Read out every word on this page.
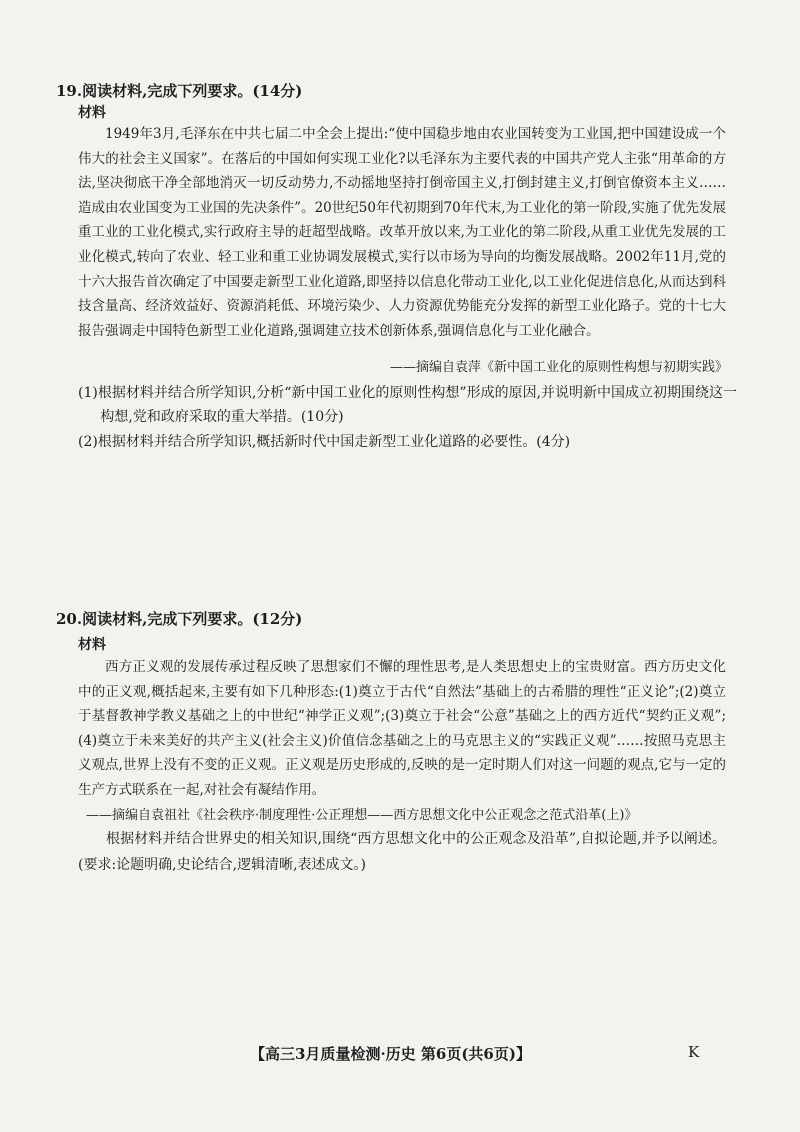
19.阅读材料,完成下列要求。(14分)
材料

1949年3月,毛泽东在中共七届二中全会上提出:“使中国稳步地由农业国转变为工业国,把中国建设成一个伟大的社会主义国家”。在落后的中国如何实现工业化?以毛泽东为主要代表的中国共产党人主张“用革命的方法,坚决彻底干净全部地消灭一切反动势力,不动摇地坚持打倒帝国主义,打倒封建主义,打倒官僚资本主义……造成由农业国变为工业国的先决条件”。20世纪50年代初期到70年代末,为工业化的第一阶段,实施了优先发展重工业的工业化模式,实行政府主导的赶超型战略。改革开放以来,为工业化的第二阶段,从重工业优先发展的工业化模式,转向了农业、轻工业和重工业协调发展模式,实行以市场为导向的均衡发展战略。2002年11月,党的十六大报告首次确定了中国要走新型工业化道路,即坚持以信息化带动工业化,以工业化促进信息化,从而达到科技含量高、经济效益好、资源消耗低、环境污染少、人力资源优势能充分发挥的新型工业化路子。党的十七大报告强调走中国特色新型工业化道路,强调建立技术创新体系,强调信息化与工业化融合。

——摘编自袁萍《新中国工业化的原则性构想与初期实践》

(1)根据材料并结合所学知识,分析“新中国工业化的原则性构想”形成的原因,并说明新中国成立初期围绕这一构想,党和政府采取的重大举措。(10分)

(2)根据材料并结合所学知识,概括新时代中国走新型工业化道路的必要性。(4分)

20.阅读材料,完成下列要求。(12分)
材料

西方正义观的发展传承过程反映了思想家们不懈的理性思考,是人类思想史上的宝贵财富。西方历史文化中的正义观,概括起来,主要有如下几种形态:(1)奠立于古代“自然法”基础上的古希腊的理性“正义论”;(2)奠立于基督教神学教义基础之上的中世纪“神学正义观”;(3)奠立于社会“公意”基础之上的西方近代“契约正义观”;(4)奠立于未来美好的共产主义(社会主义)价值信念基础之上的马克思主义的“实践正义观”……按照马克思主义观点,世界上没有不变的正义观。正义观是历史形成的,反映的是一定时期人们对这一问题的观点,它与一定的生产方式联系在一起,对社会有凝结作用。

——摘编自袁祖社《社会秩序·制度理性·公正理想——西方思想文化中公正观念之范式沿革(上)》

根据材料并结合世界史的相关知识,围绕“西方思想文化中的公正观念及沿革”,自拟论题,并予以阐述。(要求:论题明确,史论结合,逻辑清晰,表述成文。)

【高三3月质量检测·历史 第6页(共6页)】	K
